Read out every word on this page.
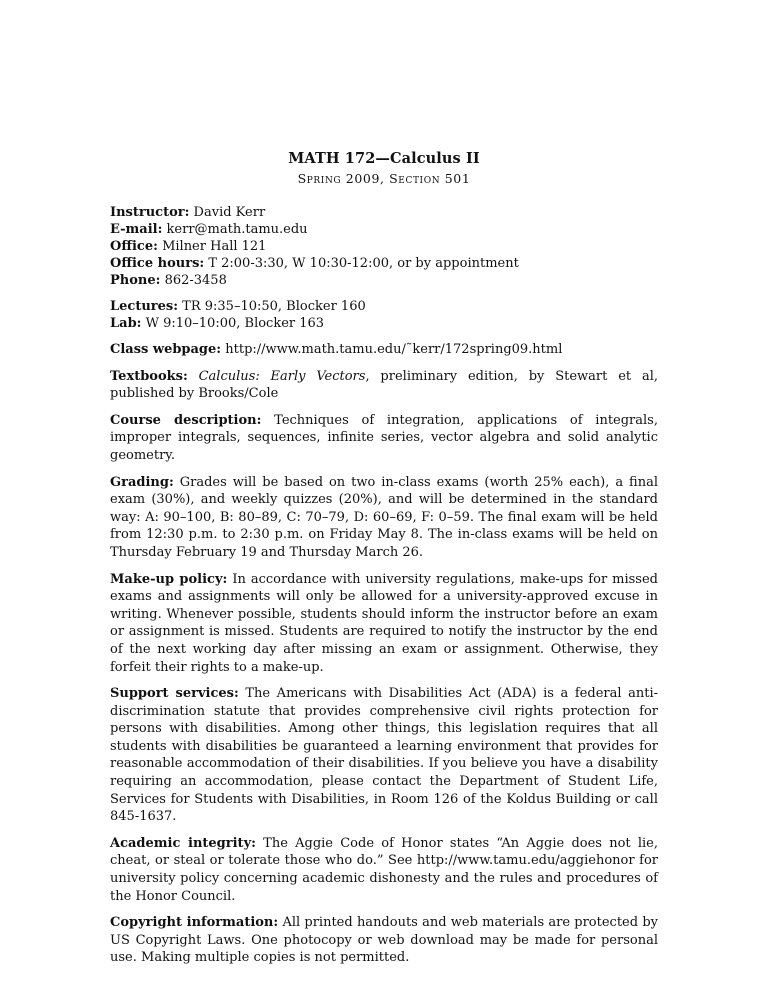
MATH 172—Calculus II

Spring 2009, Section 501

Instructor: David Kerr

E-mail: kerr@math.tamu.edu

Office: Milner Hall 121

Office hours: T 2:00-3:30, W 10:30-12:00, or by appointment

Phone: 862-3458

Lectures: TR 9:35–10:50, Blocker 160

Lab: W 9:10–10:00, Blocker 163

Class webpage: http://www.math.tamu.edu/˜kerr/172spring09.html

Textbooks: Calculus: Early Vectors, preliminary edition, by Stewart et al, published by Brooks/Cole

Course description: Techniques of integration, applications of integrals, improper integrals, sequences, infinite series, vector algebra and solid analytic geometry.

Grading: Grades will be based on two in-class exams (worth 25% each), a final exam (30%), and weekly quizzes (20%), and will be determined in the standard way: A: 90–100, B: 80–89, C: 70–79, D: 60–69, F: 0–59. The final exam will be held from 12:30 p.m. to 2:30 p.m. on Friday May 8. The in-class exams will be held on Thursday February 19 and Thursday March 26.

Make-up policy: In accordance with university regulations, make-ups for missed exams and assignments will only be allowed for a university-approved excuse in writing. Whenever possible, students should inform the instructor before an exam or assignment is missed. Students are required to notify the instructor by the end of the next working day after missing an exam or assignment. Otherwise, they forfeit their rights to a make-up.

Support services: The Americans with Disabilities Act (ADA) is a federal anti-discrimination statute that provides comprehensive civil rights protection for persons with disabilities. Among other things, this legislation requires that all students with disabilities be guaranteed a learning environment that provides for reasonable accommodation of their disabilities. If you believe you have a disability requiring an accommodation, please contact the Department of Student Life, Services for Students with Disabilities, in Room 126 of the Koldus Building or call 845-1637.

Academic integrity: The Aggie Code of Honor states “An Aggie does not lie, cheat, or steal or tolerate those who do.” See http://www.tamu.edu/aggiehonor for university policy concerning academic dishonesty and the rules and procedures of the Honor Council.

Copyright information: All printed handouts and web materials are protected by US Copyright Laws. One photocopy or web download may be made for personal use. Making multiple copies is not permitted.
